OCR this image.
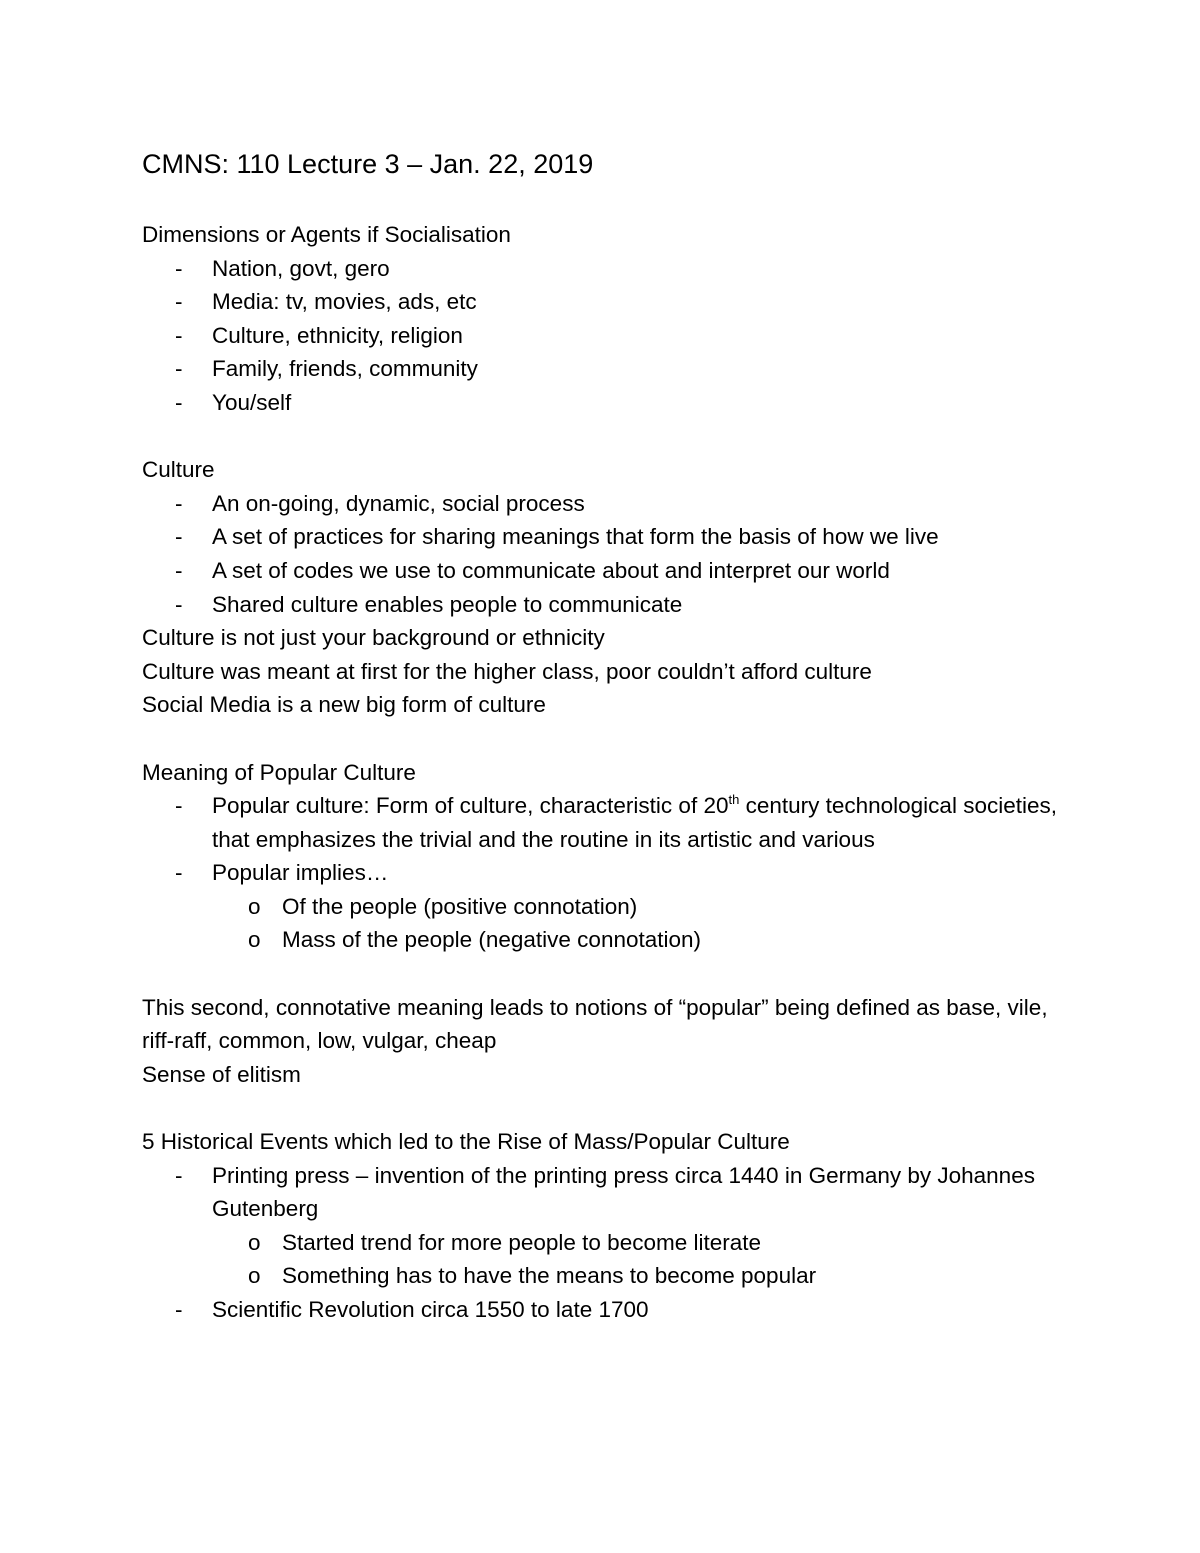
CMNS: 110 Lecture 3 – Jan. 22, 2019
Dimensions or Agents if Socialisation
- Nation, govt, gero
- Media: tv, movies, ads, etc
- Culture, ethnicity, religion
- Family, friends, community
- You/self
Culture
- An on-going, dynamic, social process
- A set of practices for sharing meanings that form the basis of how we live
- A set of codes we use to communicate about and interpret our world
- Shared culture enables people to communicate
Culture is not just your background or ethnicity
Culture was meant at first for the higher class, poor couldn’t afford culture
Social Media is a new big form of culture
Meaning of Popular Culture
- Popular culture: Form of culture, characteristic of 20th century technological societies, that emphasizes the trivial and the routine in its artistic and various
- Popular implies…
o Of the people (positive connotation)
o Mass of the people (negative connotation)
This second, connotative meaning leads to notions of “popular” being defined as base, vile, riff-raff, common, low, vulgar, cheap
Sense of elitism
5 Historical Events which led to the Rise of Mass/Popular Culture
- Printing press – invention of the printing press circa 1440 in Germany by Johannes Gutenberg
o Started trend for more people to become literate
o Something has to have the means to become popular
- Scientific Revolution circa 1550 to late 1700
